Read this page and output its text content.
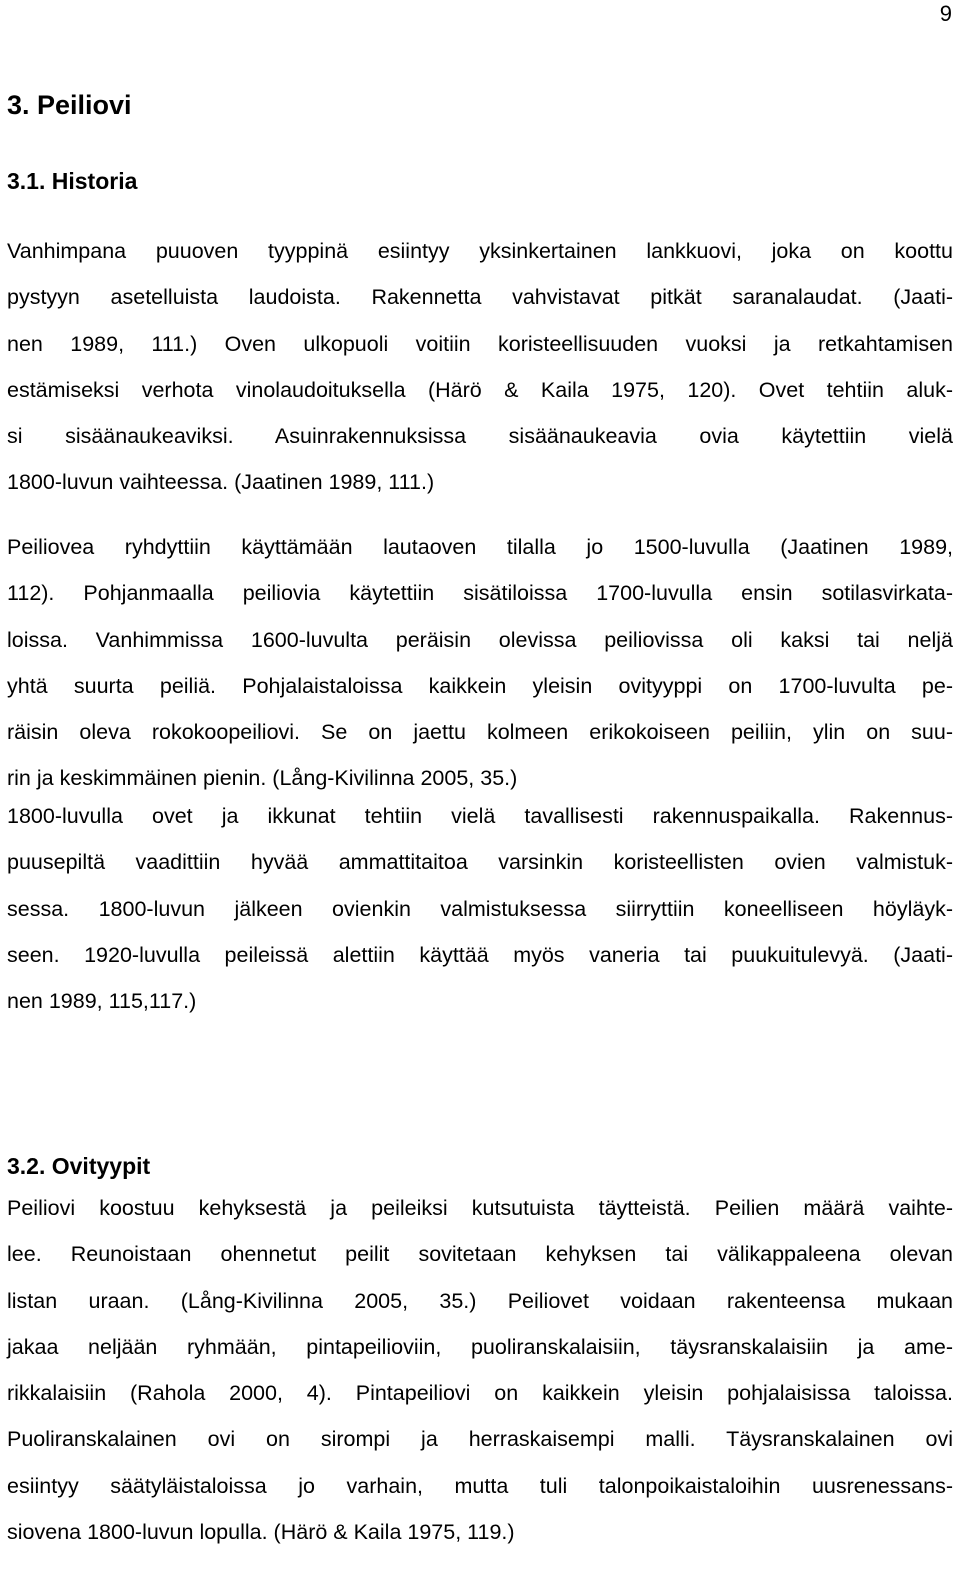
9
3. Peiliovi
3.1. Historia

Vanhimpana puuoven tyyppinä esiintyy yksinkertainen lankkuovi, joka on koottu
pystyyn asetelluista laudoista. Rakennetta vahvistavat pitkät saranalaudat. (Jaati-
nen 1989, 111.) Oven ulkopuoli voitiin koristeellisuuden vuoksi ja retkahtamisen
estämiseksi verhota vinolaudoituksella (Härö & Kaila 1975, 120). Ovet tehtiin aluk-
si sisäänaukeaviksi. Asuinrakennuksissa sisäänaukeavia ovia käytettiin vielä
1800-luvun vaihteessa. (Jaatinen 1989, 111.)

Peiliovea ryhdyttiin käyttämään lautaoven tilalla jo 1500-luvulla (Jaatinen 1989,
112). Pohjanmaalla peiliovia käytettiin sisätiloissa 1700-luvulla ensin sotilasvirkata-
loissa. Vanhimmissa 1600-luvulta peräisin olevissa peiliovissa oli kaksi tai neljä
yhtä suurta peiliä. Pohjalaistaloissa kaikkein yleisin ovityyppi on 1700-luvulta pe-
räisin oleva rokokoopeiliovi. Se on jaettu kolmeen erikokoiseen peiliin, ylin on suu-
rin ja keskimmäinen pienin. (Lång-Kivilinna 2005, 35.)

1800-luvulla ovet ja ikkunat tehtiin vielä tavallisesti rakennuspaikalla. Rakennus-
puusepiltä vaadittiin hyvää ammattitaitoa varsinkin koristeellisten ovien valmistuk-
sessa. 1800-luvun jälkeen ovienkin valmistuksessa siirryttiin koneelliseen höyläyk-
seen. 1920-luvulla peileissä alettiin käyttää myös vaneria tai puukuitulevyä. (Jaati-
nen 1989, 115,117.)

3.2. Ovityypit

Peiliovi koostuu kehyksestä ja peileiksi kutsutuista täytteistä. Peilien määrä vaihte-
lee. Reunoistaan ohennetut peilit sovitetaan kehyksen tai välikappaleena olevan
listan uraan. (Lång-Kivilinna 2005, 35.) Peiliovet voidaan rakenteensa mukaan
jakaa neljään ryhmään, pintapeilioviin, puoliranskalaisiin, täysranskalaisiin ja ame-
rikkalaisiin (Rahola 2000, 4). Pintapeiliovi on kaikkein yleisin pohjalaisissa taloissa.
Puoliranskalainen ovi on sirompi ja herraskaisempi malli. Täysranskalainen ovi
esiintyy säätyläistaloissa jo varhain, mutta tuli talonpoikaistaloihin uusrenessans-
siovena 1800-luvun lopulla. (Härö & Kaila 1975, 119.)
